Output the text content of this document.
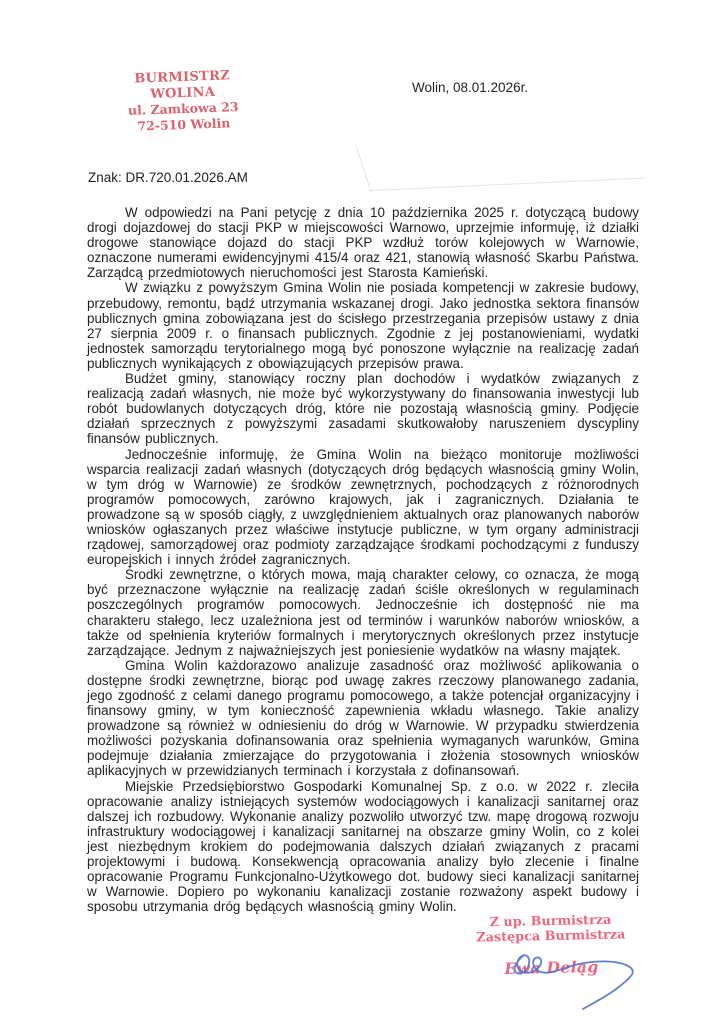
BURMISTRZ WOLINA
ul. Zamkowa 23
72-510 Wolin
Wolin, 08.01.2026r.
Znak: DR.720.01.2026.AM

W odpowiedzi na Pani petycję z dnia 10 października 2025 r. dotyczącą budowy drogi dojazdowej do stacji PKP w miejscowości Warnowo, uprzejmie informuję, iż działki drogowe stanowiące dojazd do stacji PKP wzdłuż torów kolejowych w Warnowie, oznaczone numerami ewidencyjnymi 415/4 oraz 421, stanowią własność Skarbu Państwa. Zarządcą przedmiotowych nieruchomości jest Starosta Kamieński.

W związku z powyższym Gmina Wolin nie posiada kompetencji w zakresie budowy, przebudowy, remontu, bądź utrzymania wskazanej drogi. Jako jednostka sektora finansów publicznych gmina zobowiązana jest do ścisłego przestrzegania przepisów ustawy z dnia 27 sierpnia 2009 r. o finansach publicznych. Zgodnie z jej postanowieniami, wydatki jednostek samorządu terytorialnego mogą być ponoszone wyłącznie na realizację zadań publicznych wynikających z obowiązujących przepisów prawa.

Budżet gminy, stanowiący roczny plan dochodów i wydatków związanych z realizacją zadań własnych, nie może być wykorzystywany do finansowania inwestycji lub robót budowlanych dotyczących dróg, które nie pozostają własnością gminy. Podjęcie działań sprzecznych z powyższymi zasadami skutkowałoby naruszeniem dyscypliny finansów publicznych.

Jednocześnie informuję, że Gmina Wolin na bieżąco monitoruje możliwości wsparcia realizacji zadań własnych (dotyczących dróg będących własnością gminy Wolin, w tym dróg w Warnowie) ze środków zewnętrznych, pochodzących z różnorodnych programów pomocowych, zarówno krajowych, jak i zagranicznych. Działania te prowadzone są w sposób ciągły, z uwzględnieniem aktualnych oraz planowanych naborów wniosków ogłaszanych przez właściwe instytucje publiczne, w tym organy administracji rządowej, samorządowej oraz podmioty zarządzające środkami pochodzącymi z funduszy europejskich i innych źródeł zagranicznych.

Środki zewnętrzne, o których mowa, mają charakter celowy, co oznacza, że mogą być przeznaczone wyłącznie na realizację zadań ściśle określonych w regulaminach poszczególnych programów pomocowych. Jednocześnie ich dostępność nie ma charakteru stałego, lecz uzależniona jest od terminów i warunków naborów wniosków, a także od spełnienia kryteriów formalnych i merytorycznych określonych przez instytucje zarządzające. Jednym z najważniejszych jest poniesienie wydatków na własny majątek.

Gmina Wolin każdorazowo analizuje zasadność oraz możliwość aplikowania o dostępne środki zewnętrzne, biorąc pod uwagę zakres rzeczowy planowanego zadania, jego zgodność z celami danego programu pomocowego, a także potencjał organizacyjny i finansowy gminy, w tym konieczność zapewnienia wkładu własnego. Takie analizy prowadzone są również w odniesieniu do dróg w Warnowie. W przypadku stwierdzenia możliwości pozyskania dofinansowania oraz spełnienia wymaganych warunków, Gmina podejmuje działania zmierzające do przygotowania i złożenia stosownych wniosków aplikacyjnych w przewidzianych terminach i korzystała z dofinansowań.

Miejskie Przedsiębiorstwo Gospodarki Komunalnej Sp. z o.o. w 2022 r. zleciła opracowanie analizy istniejących systemów wodociągowych i kanalizacji sanitarnej oraz dalszej ich rozbudowy. Wykonanie analizy pozwoliło utworzyć tzw. mapę drogową rozwoju infrastruktury wodociągowej i kanalizacji sanitarnej na obszarze gminy Wolin, co z kolei jest niezbędnym krokiem do podejmowania dalszych działań związanych z pracami projektowymi i budową. Konsekwencją opracowania analizy było zlecenie i finalne opracowanie Programu Funkcjonalno-Użytkowego dot. budowy sieci kanalizacji sanitarnej w Warnowie. Dopiero po wykonaniu kanalizacji zostanie rozważony aspekt budowy i sposobu utrzymania dróg będących własnością gminy Wolin.

Z up. Burmistrza
Zastępca Burmistrza
Ewa Deląg
